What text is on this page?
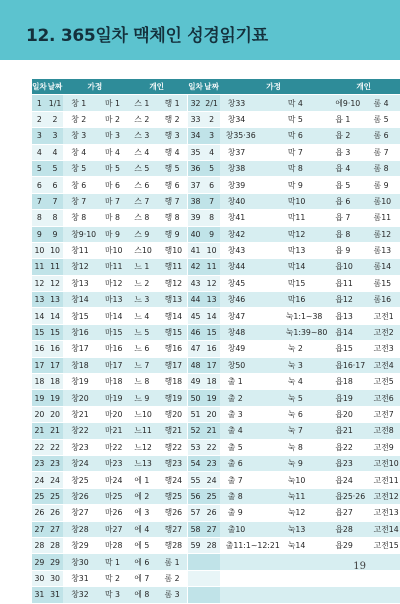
12. 365일차 맥체인 성경읽기표
일차	날짜	가정		개인		일차	날짜	가정		개인	
1	1/1	창 1	마 1	스 1	행 1		32	2/1	창33	막 4	에9·10	롬 4
2	2	창 2	마 2	스 2	행 2		33	2	창34	막 5	욥 1	롬 5
3	3	창 3	마 3	스 3	행 3		34	3	창35·36	막 6	욥 2	롬 6
4	4	창 4	마 4	스 4	행 4		35	4	창37	막 7	욥 3	롬 7
5	5	창 5	마 5	스 5	행 5		36	5	창38	막 8	욥 4	롬 8
6	6	창 6	마 6	스 6	행 6		37	6	창39	막 9	욥 5	롬 9
7	7	창 7	마 7	스 7	행 7		38	7	창40	막10	욥 6	롬10
8	8	창 8	마 8	스 8	행 8		39	8	창41	막11	욥 7	롬11
9	9	창9·10	마 9	스 9	행 9		40	9	창42	막12	욥 8	롬12
10	10	창11	마10	스10	행10		41	10	창43	막13	욥 9	롬13
11	11	창12	마11	느 1	행11		42	11	창44	막14	욥10	롬14
12	12	창13	마12	느 2	행12		43	12	창45	막15	욥11	롬15
13	13	창14	마13	느 3	행13		44	13	창46	막16	욥12	롬16
14	14	창15	마14	느 4	행14		45	14	창47	눅1:1~38	욥13	고전1
15	15	창16	마15	느 5	행15		46	15	창48	눅1:39~80	욥14	고전2
16	16	창17	마16	느 6	행16		47	16	창49	눅 2	욥15	고전3
17	17	창18	마17	느 7	행17		48	17	창50	눅 3	욥16·17	고전4
18	18	창19	마18	느 8	행18		49	18	출 1	눅 4	욥18	고전5
19	19	창20	마19	느 9	행19		50	19	출 2	눅 5	욥19	고전6
20	20	창21	마20	느10	행20		51	20	출 3	눅 6	욥20	고전7
21	21	창22	마21	느11	행21		52	21	출 4	눅 7	욥21	고전8
22	22	창23	마22	느12	행22		53	22	출 5	눅 8	욥22	고전9
23	23	창24	마23	느13	행23		54	23	출 6	눅 9	욥23	고전10
24	24	창25	마24	에 1	행24		55	24	출 7	눅10	욥24	고전11
25	25	창26	마25	에 2	행25		56	25	출 8	눅11	욥25·26	고전12
26	26	창27	마26	에 3	행26		57	26	출 9	눅12	욥27	고전13
27	27	창28	마27	에 4	행27		58	27	출10	눅13	욥28	고전14
28	28	창29	마28	에 5	행28		59	28	출11:1~12:21	눅14	욥29	고전15
29	29	창30	막 1	에 6	롬 1							
30	30	창31	막 2	에 7	롬 2							
31	31	창32	막 3	에 8	롬 3							
19
